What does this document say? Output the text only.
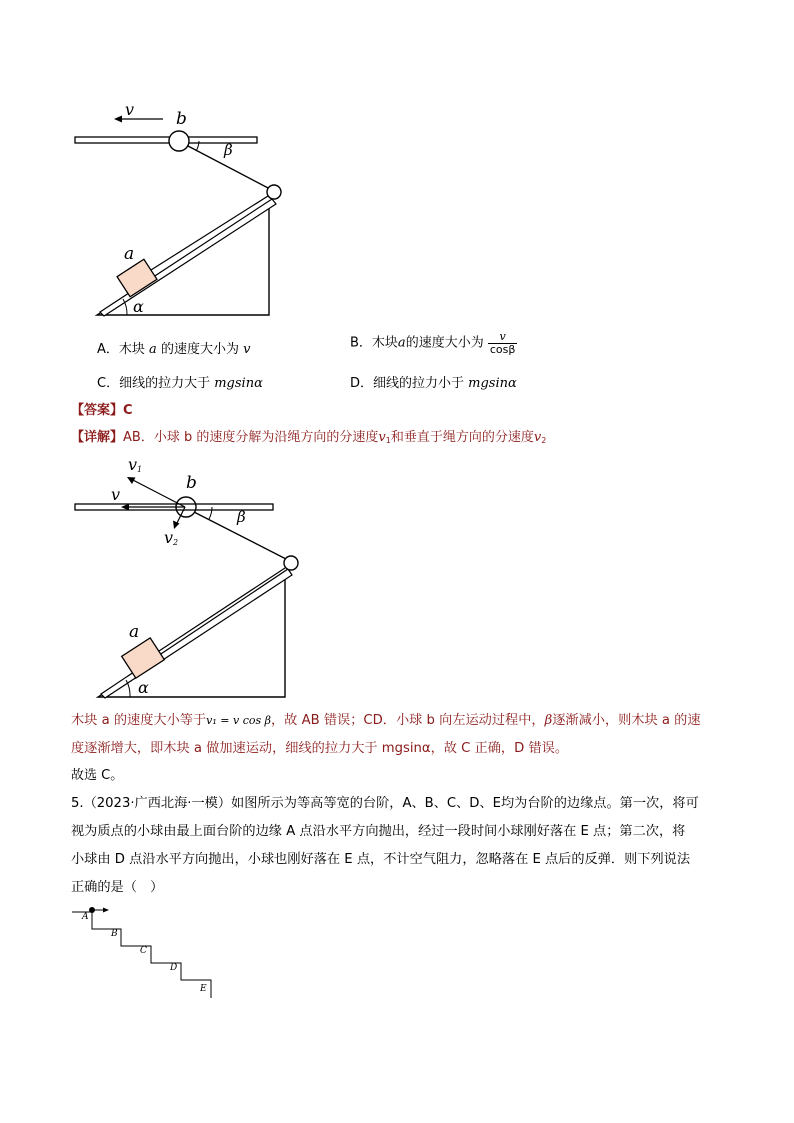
v b
β
a
α
A．木块 a 的速度大小为 v	B．木块a的速度大小为 $\frac{v}{\cos\beta}$
C．细线的拉力大于 mgsinα	D．细线的拉力小于 mgsinα
【答案】C
【详解】AB．小球 b 的速度分解为沿绳方向的分速度$v_1$和垂直于绳方向的分速度$v_2$
$v_1$
v
$v_2$
b
β
a
α
木块 a 的速度大小等于v₁ = v cos β，故 AB 错误；CD．小球 b 向左运动过程中，β逐渐减小，则木块 a 的速
度逐渐增大，即木块 a 做加速运动，细线的拉力大于 mgsinα，故 C 正确，D 错误。
故选 C。
5.（2023·广西北海·一模）如图所示为等高等宽的台阶，A、B、C、D、E均为台阶的边缘点。第一次，将可
视为质点的小球由最上面台阶的边缘 A 点沿水平方向抛出，经过一段时间小球刚好落在 E 点；第二次，将
小球由 D 点沿水平方向抛出，小球也刚好落在 E 点，不计空气阻力，忽略落在 E 点后的反弹．则下列说法
正确的是（　）
A
B
C
D
E
